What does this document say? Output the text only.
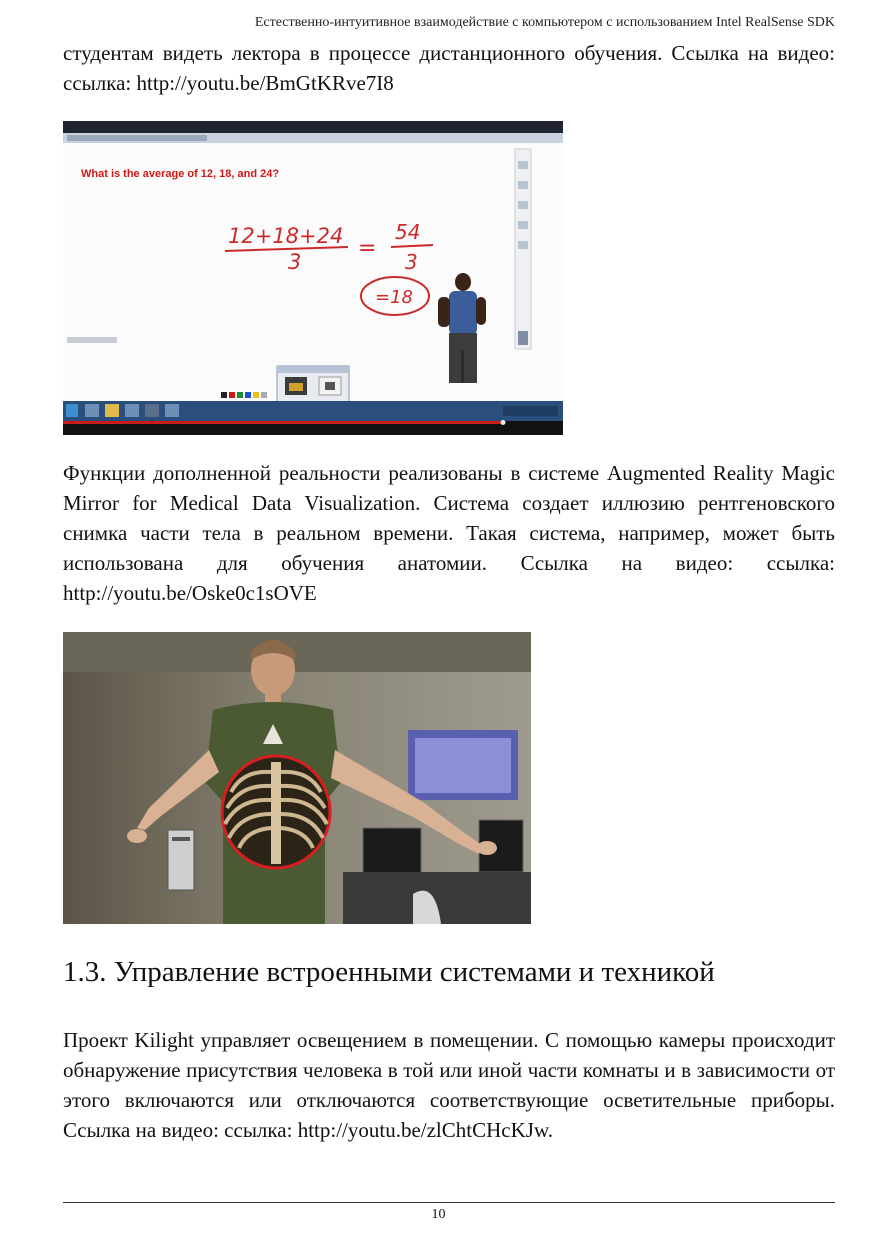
Естественно-интуитивное взаимодействие с компьютером с использованием Intel RealSense SDK

студентам видеть лектора в процессе дистанционного обучения. Ссылка на видео: ссылка: http://youtu.be/BmGtKRve7I8

What is the average of 12, 18, and 24?
12+18+24
3
=
54
3
=18

Функции дополненной реальности реализованы в системе Augmented Reality Magic Mirror for Medical Data Visualization. Система создает иллюзию рентгеновского снимка части тела в реальном времени. Такая система, например, может быть использована для обучения анатомии. Ссылка на видео: ссылка: http://youtu.be/Oske0c1sOVE

1.3. Управление встроенными системами и техникой

Проект Kilight управляет освещением в помещении. С помощью камеры происходит обнаружение присутствия человека в той или иной части комнаты и в зависимости от этого включаются или отключаются соответствующие осветительные приборы. Ссылка на видео: ссылка: http://youtu.be/zlChtCHcKJw.

10
